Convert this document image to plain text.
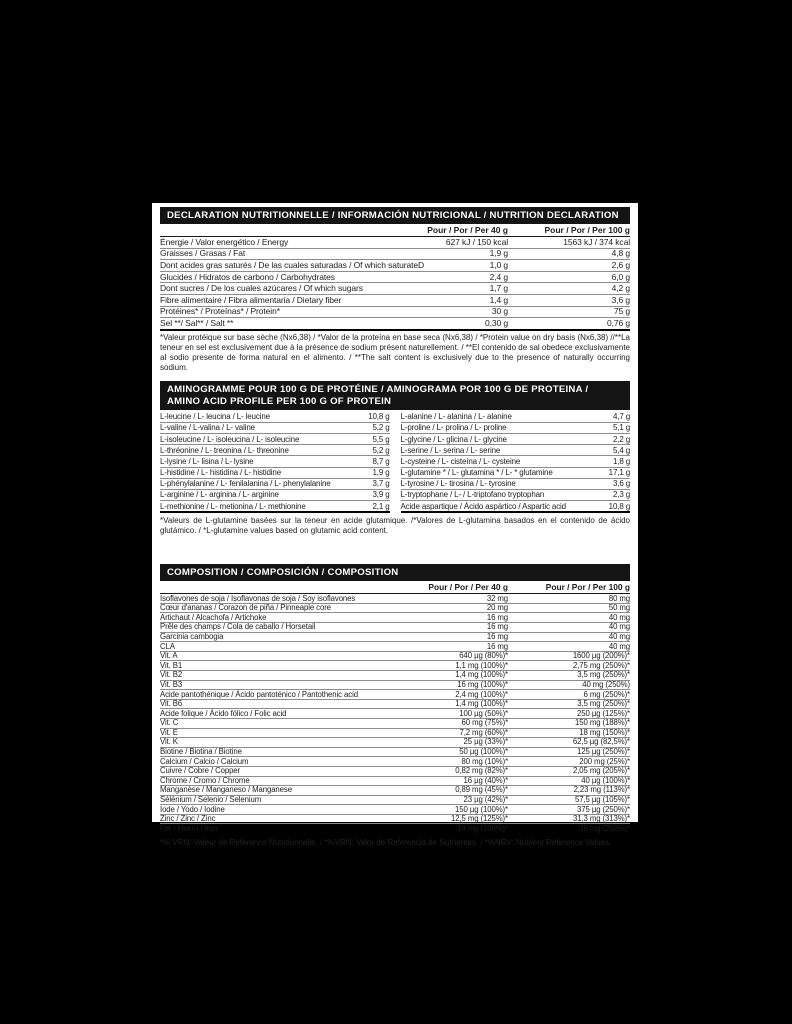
DECLARATION NUTRITIONNELLE / INFORMACIÓN NUTRICIONAL / NUTRITION DECLARATION
	Pour / Por / Per 40 g	Pour / Por / Per 100 g
Énergie / Valor energético / Energy	627 kJ / 150 kcal	1563 kJ / 374 kcal
Graisses / Grasas / Fat	1,9 g	4,8 g
Dont acides gras saturés / De las cuales saturadas / Of which saturateD	1,0 g	2,6 g
Glucides / Hidratos de carbono / Carbohydrates	2,4 g	6,0 g
Dont sucres / De los cuales azúcares / Of which sugars	1,7 g	4,2 g
Fibre alimentaire / Fibra alimentaria / Dietary fiber	1,4 g	3,6 g
Protéines* / Proteínas* / Protein*	30 g	75 g
Sel **/ Sal** / Salt **	0,30 g	0,76 g

*Valeur protéique sur base sèche (Nx6,38) / *Valor de la proteína en base seca (Nx6,38) / *Protein value on dry basis (Nx6,38) //**La teneur en sel est exclusivement due à la présence de sodium présent naturellement. / **El contenido de sal obedece exclusivamente al sodio presente de forma natural en el alimento. / **The salt content is exclusively due to the presence of naturally occurring sodium.

AMINOGRAMME POUR 100 G DE PROTÉINE / AMINOGRAMA POR 100 G DE PROTEINA / AMINO ACID PROFILE PER 100 G OF PROTEIN
L-leucine / L- leucina / L- leucine	10,8 g
L-valine / L-valina / L- valine	5,2 g
L-isoleucine / L- isoleucina / L- isoleucine	5,5 g
L-thréonine / L- treonina / L- threonine	5,2 g
L-lysine / L- lisina / L- lysine	8,7 g
L-histidine / L- histidina / L- histidine	1,9 g
L-phénylalanine / L- fenilalanina / L- phenylalanine	3,7 g
L-arginine / L- arginina / L- arginine	3,9 g
L-methionine / L- metionina / L- methionine	2,1 g
L-alanine / L- alanina / L- alanine	4,7 g
L-proline / L- prolina / L- proline	5,1 g
L-glycine / L- glicina / L- glycine	2,2 g
L-serine / L- serina / L- serine	5,4 g
L-cysteine / L- cisteína / L- cysteine	1,8 g
L-glutamine * / L- glutamina * / L- * glutamine	17,1 g
L-tyrosine / L- tirosina / L- tyrosine	3,6 g
L-tryptophane / L- / L-triptofano tryptophan	2,3 g
Acide aspartique / Ácido aspártico / Aspartic acid	10,8 g

*Valeurs de L-glutamine basées sur la teneur en acide glutamique. /*Valores de L-glutamina basados en el contenido de ácido glutámico. / *L-glutamine values based on glutamic acid content.

COMPOSITION / COMPOSICIÓN / COMPOSITION
	Pour / Por / Per 40 g	Pour / Por / Per 100 g
Isoflavones de soja / Isoflavonas de soja / Soy isoflavones	32 mg	80 mg
Cœur d'ananas / Corazon de piña / Pinneaple core	20 mg	50 mg
Artichaut / Alcachofa / Artichoke	16 mg	40 mg
Prêle des champs / Cola de caballo / Horsetail	16 mg	40 mg
Garcinia cambogia	16 mg	40 mg
CLA	16 mg	40 mg
Vit. A	640 µg (80%)*	1600 µg (200%)*
Vit. B1	1,1 mg (100%)*	2,75 mg (250%)*
Vit. B2	1,4 mg (100%)*	3,5 mg (250%)*
Vit. B3	16 mg (100%)*	40 mg (250%)
Acide pantothénique / Ácido pantoténico / Pantothenic acid	2,4 mg (100%)*	6 mg (250%)*
Vit. B6	1,4 mg (100%)*	3,5 mg (250%)*
Acide folique / Ácido fólico / Folic acid	100 µg (50%)*	250 µg (125%)*
Vit. C	60 mg (75%)*	150 mg (188%)*
Vit. E	7,2 mg (60%)*	18 mg (150%)*
Vit. K	25 µg (33%)*	62,5 µg (82,5%)*
Biotine / Biotina / Biotine	50 µg (100%)*	125 µg (250%)*
Calcium / Calcio / Calcium	80 mg (10%)*	200 mg (25%)*
Cuivre / Cobre / Copper	0,82 mg (82%)*	2,05 mg (205%)*
Chrome / Cromo / Chrome	16 µg (40%)*	40 µg (100%)*
Manganèse / Manganeso / Manganese	0,89 mg (45%)*	2,23 mg (113%)*
Sélénium / Selenio / Selenium	23 µg (42%)*	57,5 µg (105%)*
Iode / Yodo / Iodine	150 µg (100%)*	375 µg (250%)*
Zinc / Zinc / Zinc	12,5 mg (125%)*	31,3 mg (313%)*
Fer / Hierro / Iron	14 mg (100%)*	35 mg (250%)*

*% VRN: Valeur de Reference Nutritionnelle. / *%VRN: Valor de Referencia de Nutrientes. / *%NRV: Nutrient Reference Values.
